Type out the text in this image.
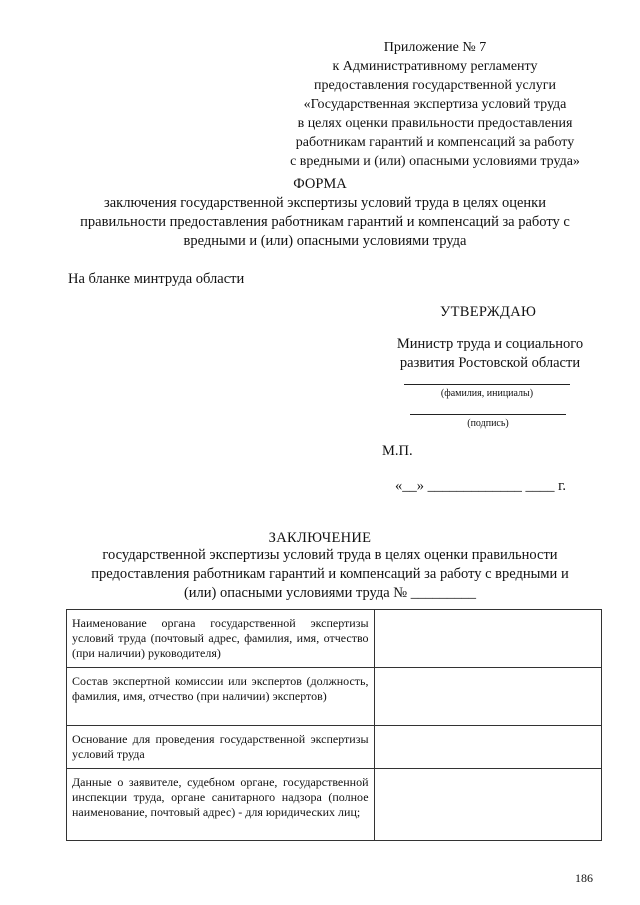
Приложение № 7
к Административному регламенту
предоставления государственной услуги
«Государственная экспертиза условий труда
в целях оценки правильности предоставления
работникам гарантий и компенсаций за работу
с вредными и (или) опасными условиями труда»
ФОРМА
заключения государственной экспертизы условий труда в целях оценки
правильности предоставления работникам гарантий и компенсаций за работу с
вредными и (или) опасными условиями труда
На бланке минтруда области
УТВЕРЖДАЮ
Министр труда и социального
развития Ростовской области
(фамилия, инициалы)
(подпись)
М.П.
«__» _____________ ____ г.
ЗАКЛЮЧЕНИЕ
государственной экспертизы условий труда в целях оценки правильности
предоставления работникам гарантий и компенсаций за работу с вредными и
(или) опасными условиями труда № _________
Наименование органа государственной экспертизы условий труда (почтовый адрес, фамилия, имя, отчество (при наличии) руководителя)	
Состав экспертной комиссии или экспертов (должность, фамилия, имя, отчество (при наличии) экспертов)	
Основание для проведения государственной экспертизы условий труда	
Данные о заявителе, судебном органе, государственной инспекции труда, органе санитарного надзора (полное наименование, почтовый адрес) - для юридических лиц;	
186
